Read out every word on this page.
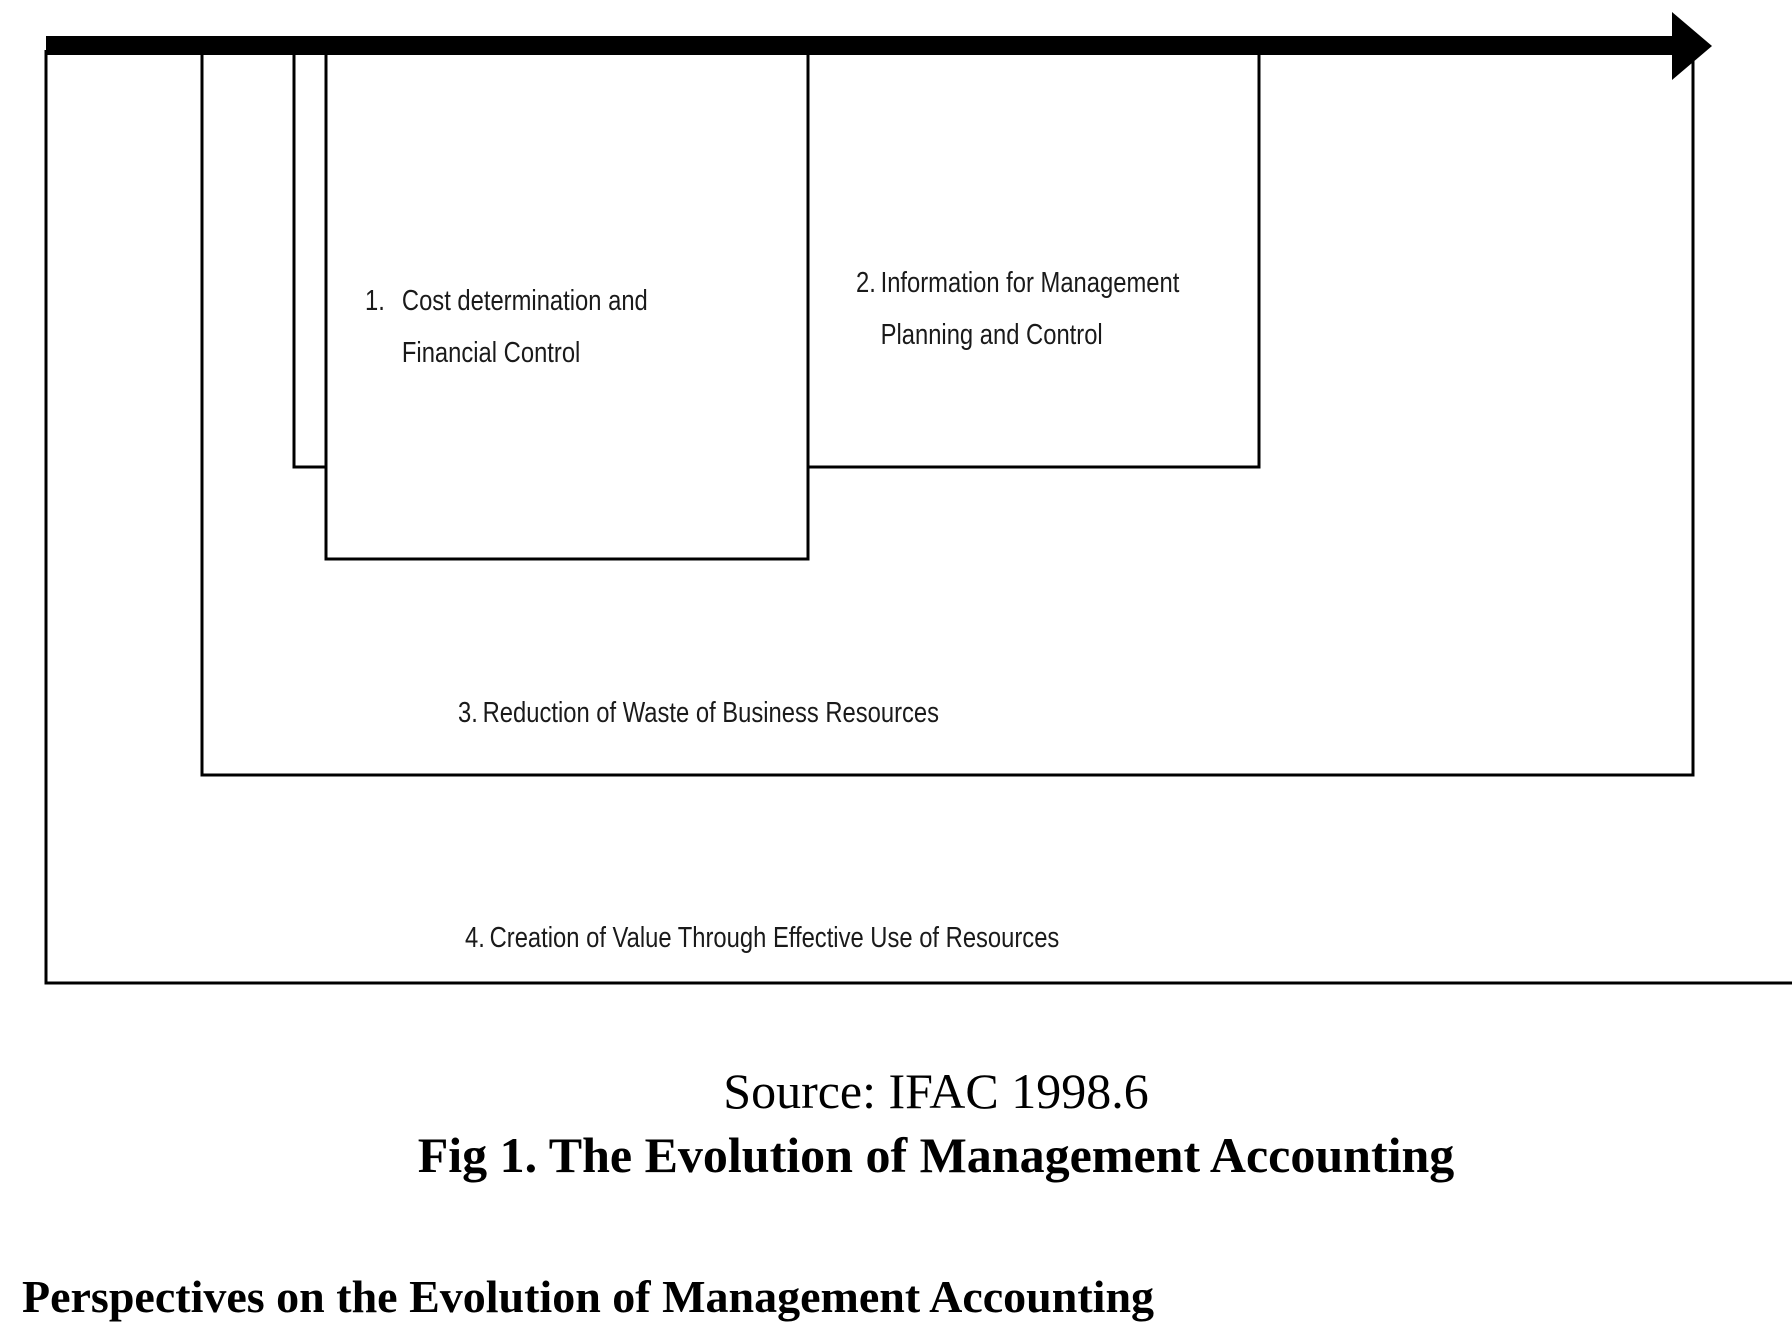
1. Cost determination and
Financial Control
2. Information for Management
Planning and Control
3. Reduction of Waste of Business Resources
4. Creation of Value Through Effective Use of Resources
Source: IFAC 1998.6
Fig 1. The Evolution of Management Accounting
Perspectives on the Evolution of Management Accounting
